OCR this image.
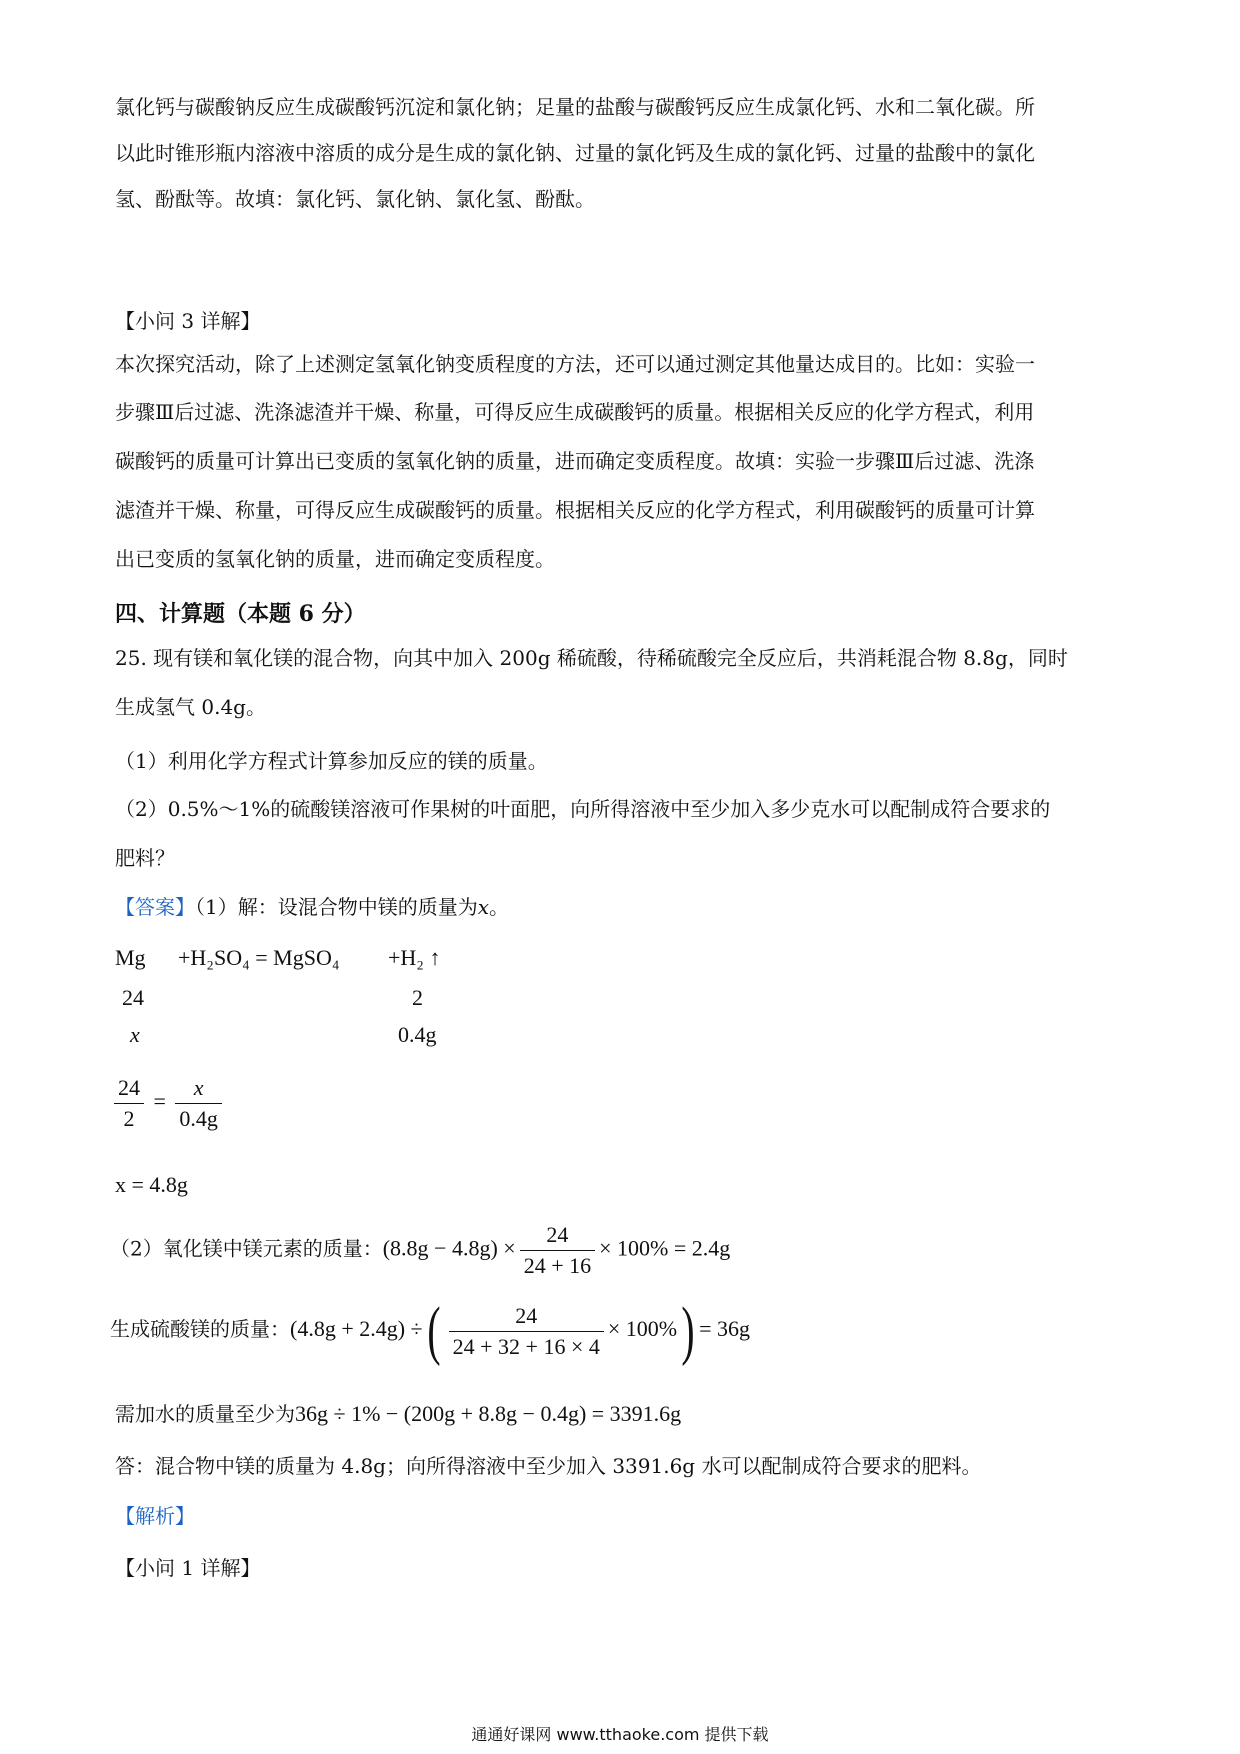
氯化钙与碳酸钠反应生成碳酸钙沉淀和氯化钠；足量的盐酸与碳酸钙反应生成氯化钙、水和二氧化碳。所
以此时锥形瓶内溶液中溶质的成分是生成的氯化钠、过量的氯化钙及生成的氯化钙、过量的盐酸中的氯化
氢、酚酞等。故填：氯化钙、氯化钠、氯化氢、酚酞。
【小问 3 详解】
本次探究活动，除了上述测定氢氧化钠变质程度的方法，还可以通过测定其他量达成目的。比如：实验一
步骤Ⅲ后过滤、洗涤滤渣并干燥、称量，可得反应生成碳酸钙的质量。根据相关反应的化学方程式，利用
碳酸钙的质量可计算出已变质的氢氧化钠的质量，进而确定变质程度。故填：实验一步骤Ⅲ后过滤、洗涤
滤渣并干燥、称量，可得反应生成碳酸钙的质量。根据相关反应的化学方程式，利用碳酸钙的质量可计算
出已变质的氢氧化钠的质量，进而确定变质程度。
四、计算题（本题 6 分）
25. 现有镁和氧化镁的混合物，向其中加入 200g 稀硫酸，待稀硫酸完全反应后，共消耗混合物 8.8g，同时
生成氢气 0.4g。
（1）利用化学方程式计算参加反应的镁的质量。
（2）0.5%～1%的硫酸镁溶液可作果树的叶面肥，向所得溶液中至少加入多少克水可以配制成符合要求的
肥料？
【答案】（1）解：设混合物中镁的质量为x。
Mg +H₂SO₄ = MgSO₄ +H₂ ↑
24	2
x	0.4g
$\frac{24}{2} = \frac{x}{0.4g}$
x = 4.8g
（2）氧化镁中镁元素的质量：$(8.8g - 4.8g) \times \frac{24}{24 + 16} \times 100\% = 2.4g$
生成硫酸镁的质量：(4.8g + 2.4g) ÷( $\frac{24}{24 + 32 + 16 \times 4} \times 100\%) = 36g$
需加水的质量至少为36g ÷ 1% − (200g + 8.8g − 0.4g) = 3391.6g
答：混合物中镁的质量为 4.8g；向所得溶液中至少加入 3391.6g 水可以配制成符合要求的肥料。
【解析】
【小问 1 详解】
通通好课网 www.tthaoke.com 提供下载
